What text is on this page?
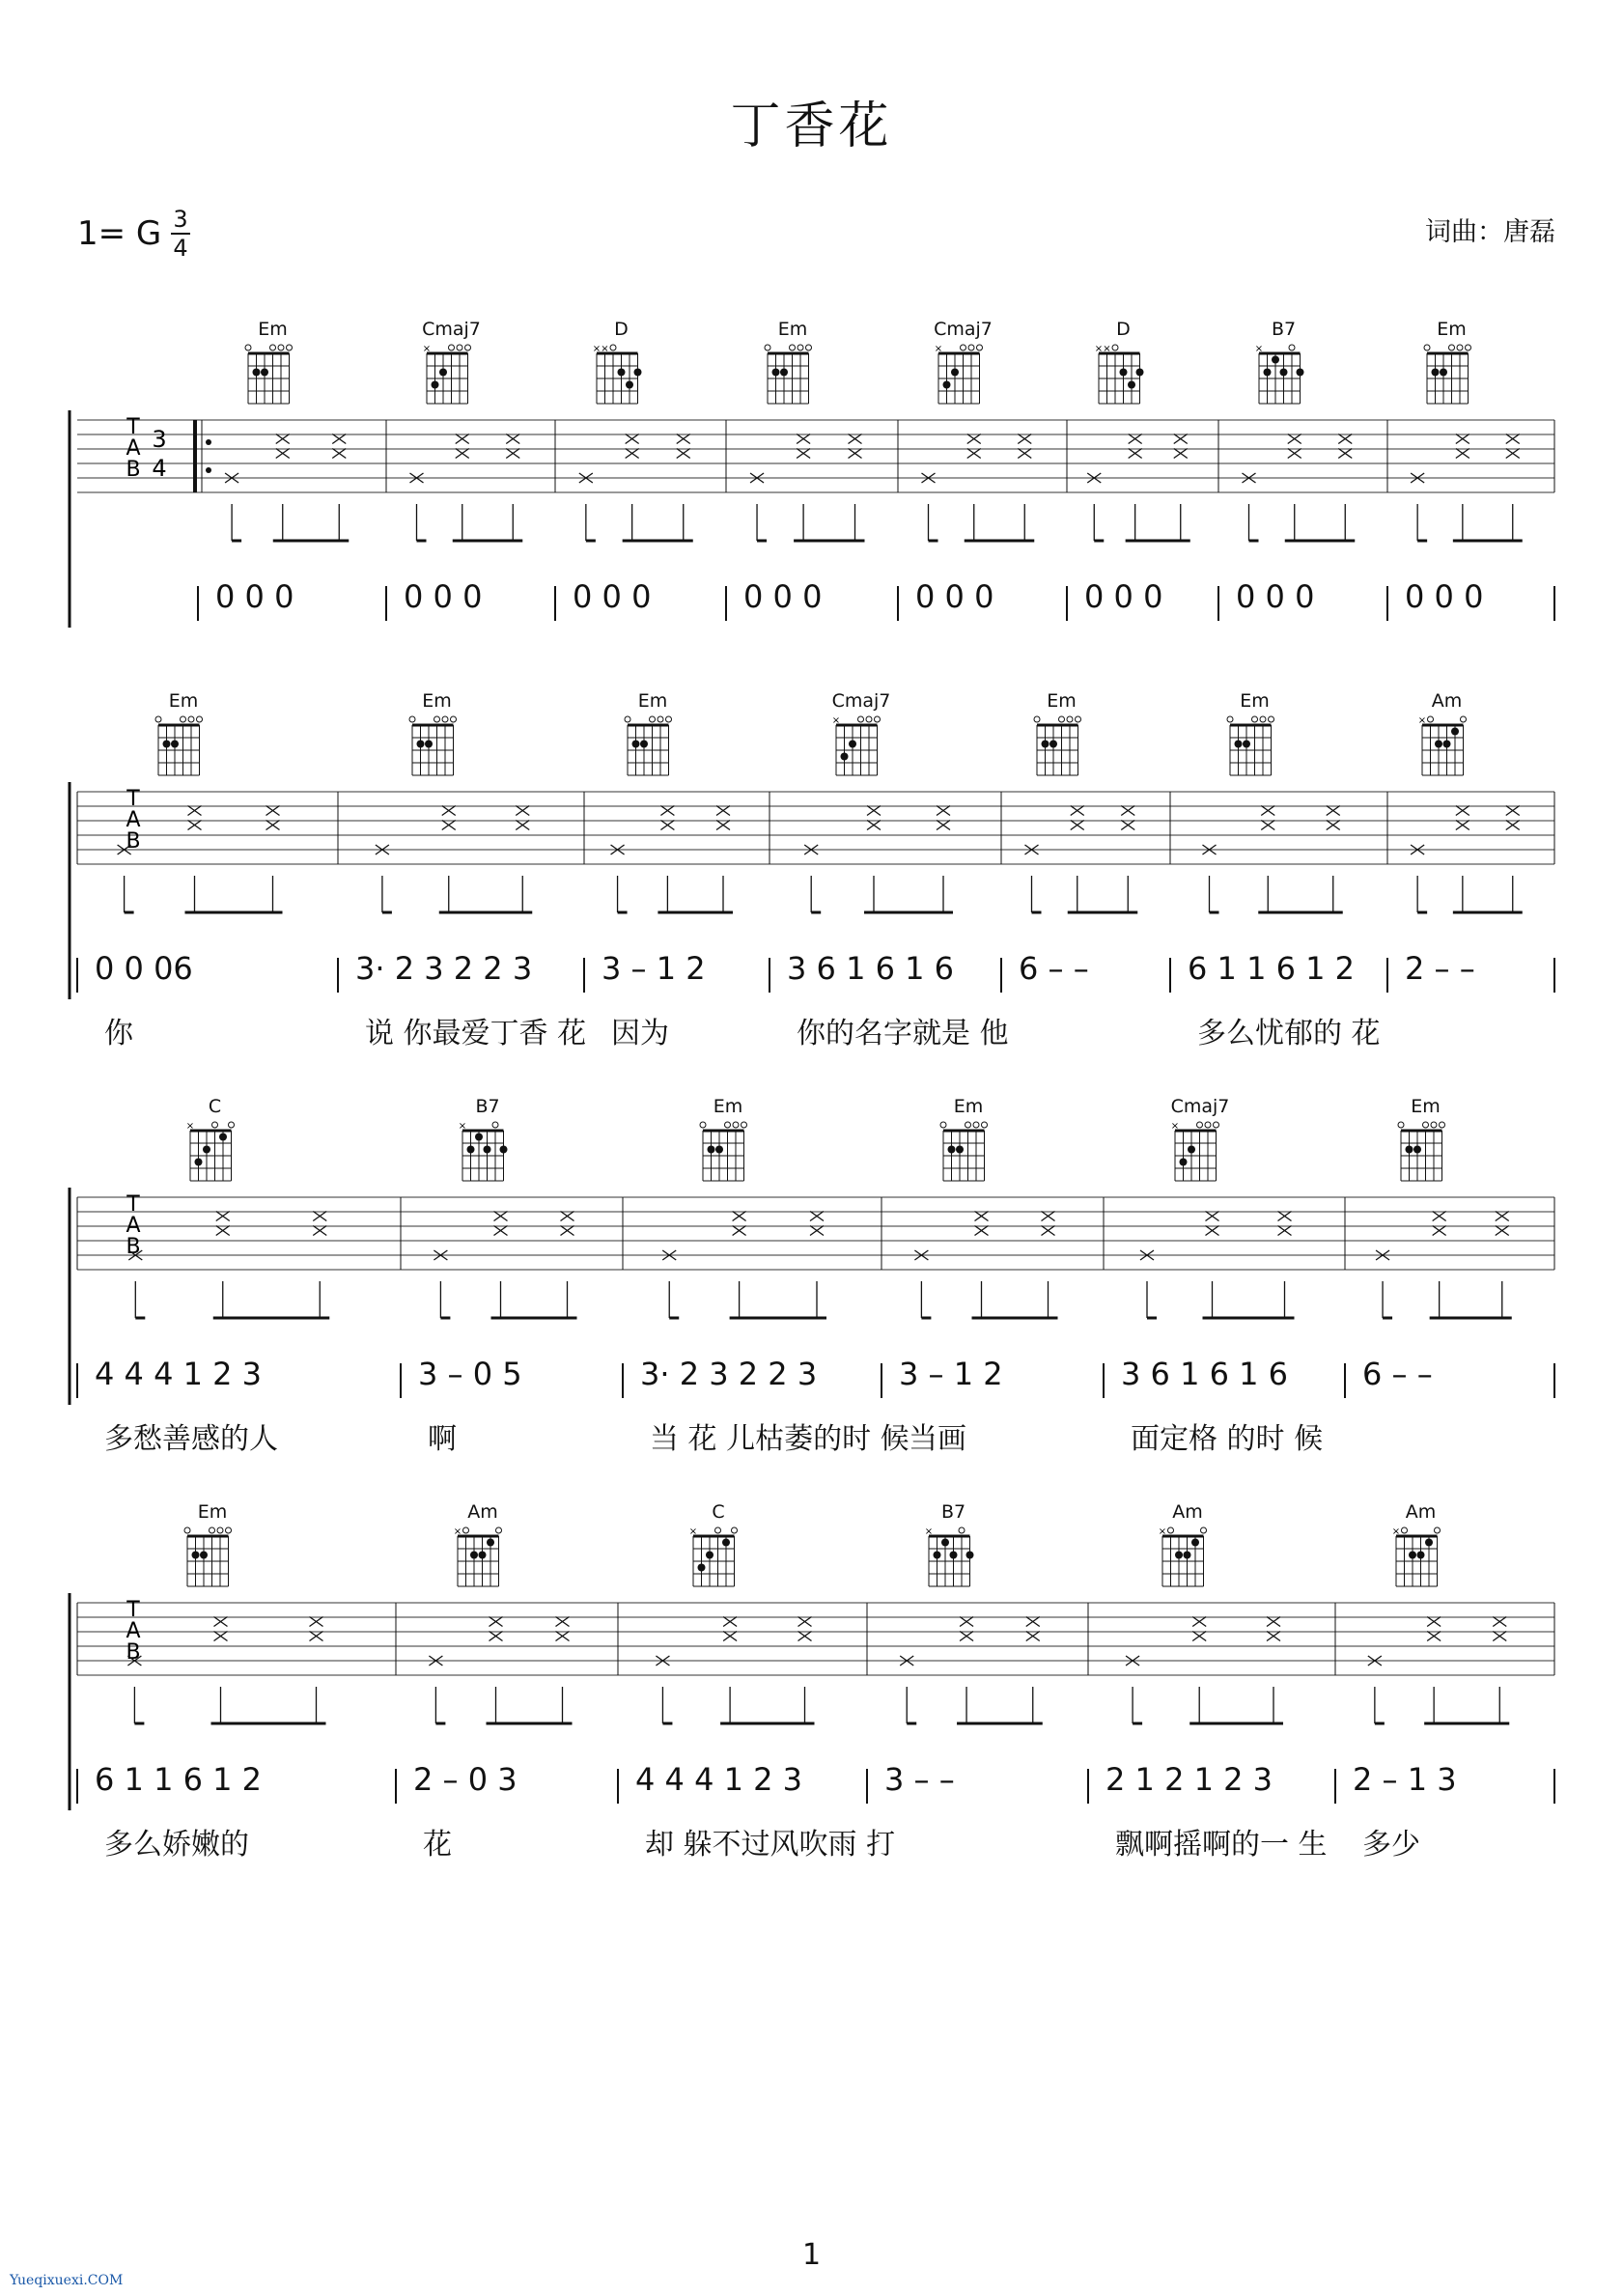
丁香花
1= G 3
4
词曲：唐磊
Em	Cmaj7
×
D
× ×
Em	Cmaj7
×
D
× ×
B7
×
Em
T
A
B
3
4
0 0 0	0 0 0	0 0 0	0 0 0	0 0 0	0 0 0	0 0 0	0 0 0
Em	Em	Em	Cmaj7
×
Em	Em	Am
×
T
A
B
0 0 06	3· 2 3 2 2 3	3 – 1 2	3 6 1 6 1 6	6 – –	6 1 1 6 1 2	2 – –
你	说 你最爱丁香 花 因为	你的名字就是 他	多么忧郁的 花
C
×
B7
×
Em	Em	Cmaj7
×
Em
T
A
B
4 4 4 1 2 3	3 – 0 5	3· 2 3 2 2 3	3 – 1 2	3 6 1 6 1 6	6 – –
多愁善感的人	啊	当 花 儿枯萎的时 候 当画	面定格 的时 候
Em	Am
×
C
×
B7
×
Am
×
Am
×
T
A
B
6 1 1 6 1 2	2 – 0 3	4 4 4 1 2 3	3 – –	2 1 2 1 2 3	2 – 1 3
多么娇嫩的	花	却 躲不过风吹雨 打	飘啊摇啊的一 生 多少
1
Yueqixuexi.COM
